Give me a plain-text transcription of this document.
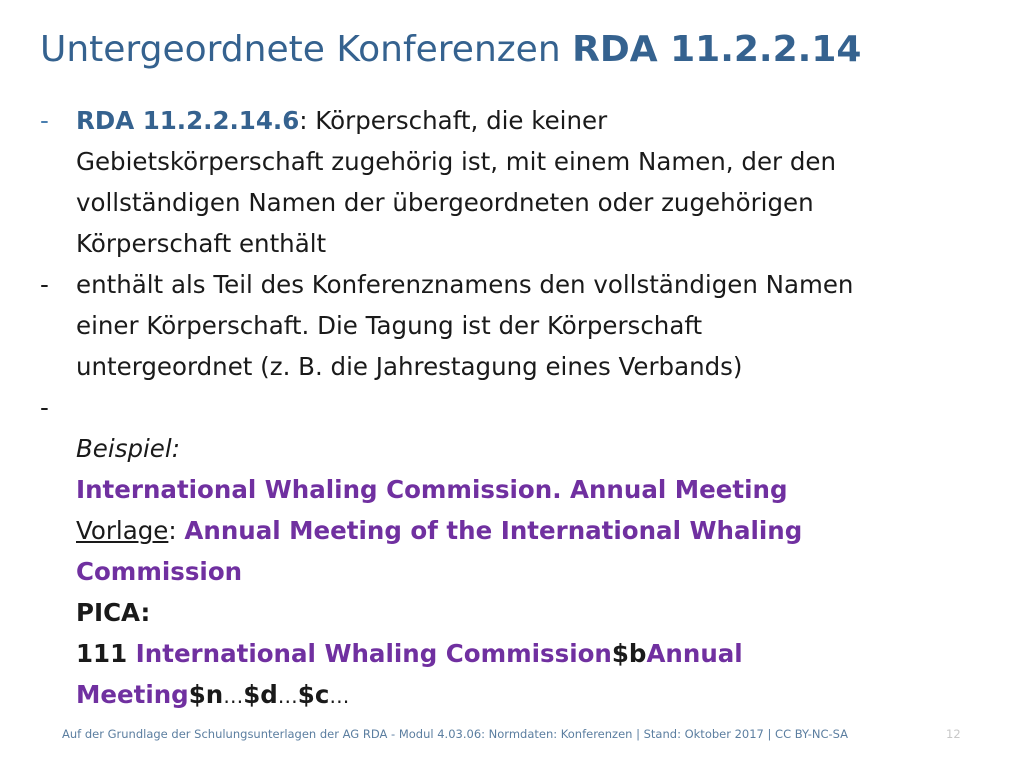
Untergeordnete Konferenzen RDA 11.2.2.14
- RDA 11.2.2.14.6: Körperschaft, die keiner
Gebietskörperschaft zugehörig ist, mit einem Namen, der den
vollständigen Namen der übergeordneten oder zugehörigen
Körperschaft enthält
- enthält als Teil des Konferenznamens den vollständigen Namen
einer Körperschaft. Die Tagung ist der Körperschaft
untergeordnet (z. B. die Jahrestagung eines Verbands)
-
Beispiel:
International Whaling Commission. Annual Meeting
Vorlage: Annual Meeting of the International Whaling
Commission
PICA:
111 International Whaling Commission$bAnnual
Meeting$n…$d…$c…
Auf der Grundlage der Schulungsunterlagen der AG RDA - Modul 4.03.06: Normdaten: Konferenzen | Stand: Oktober 2017 | CC BY-NC-SA	12
